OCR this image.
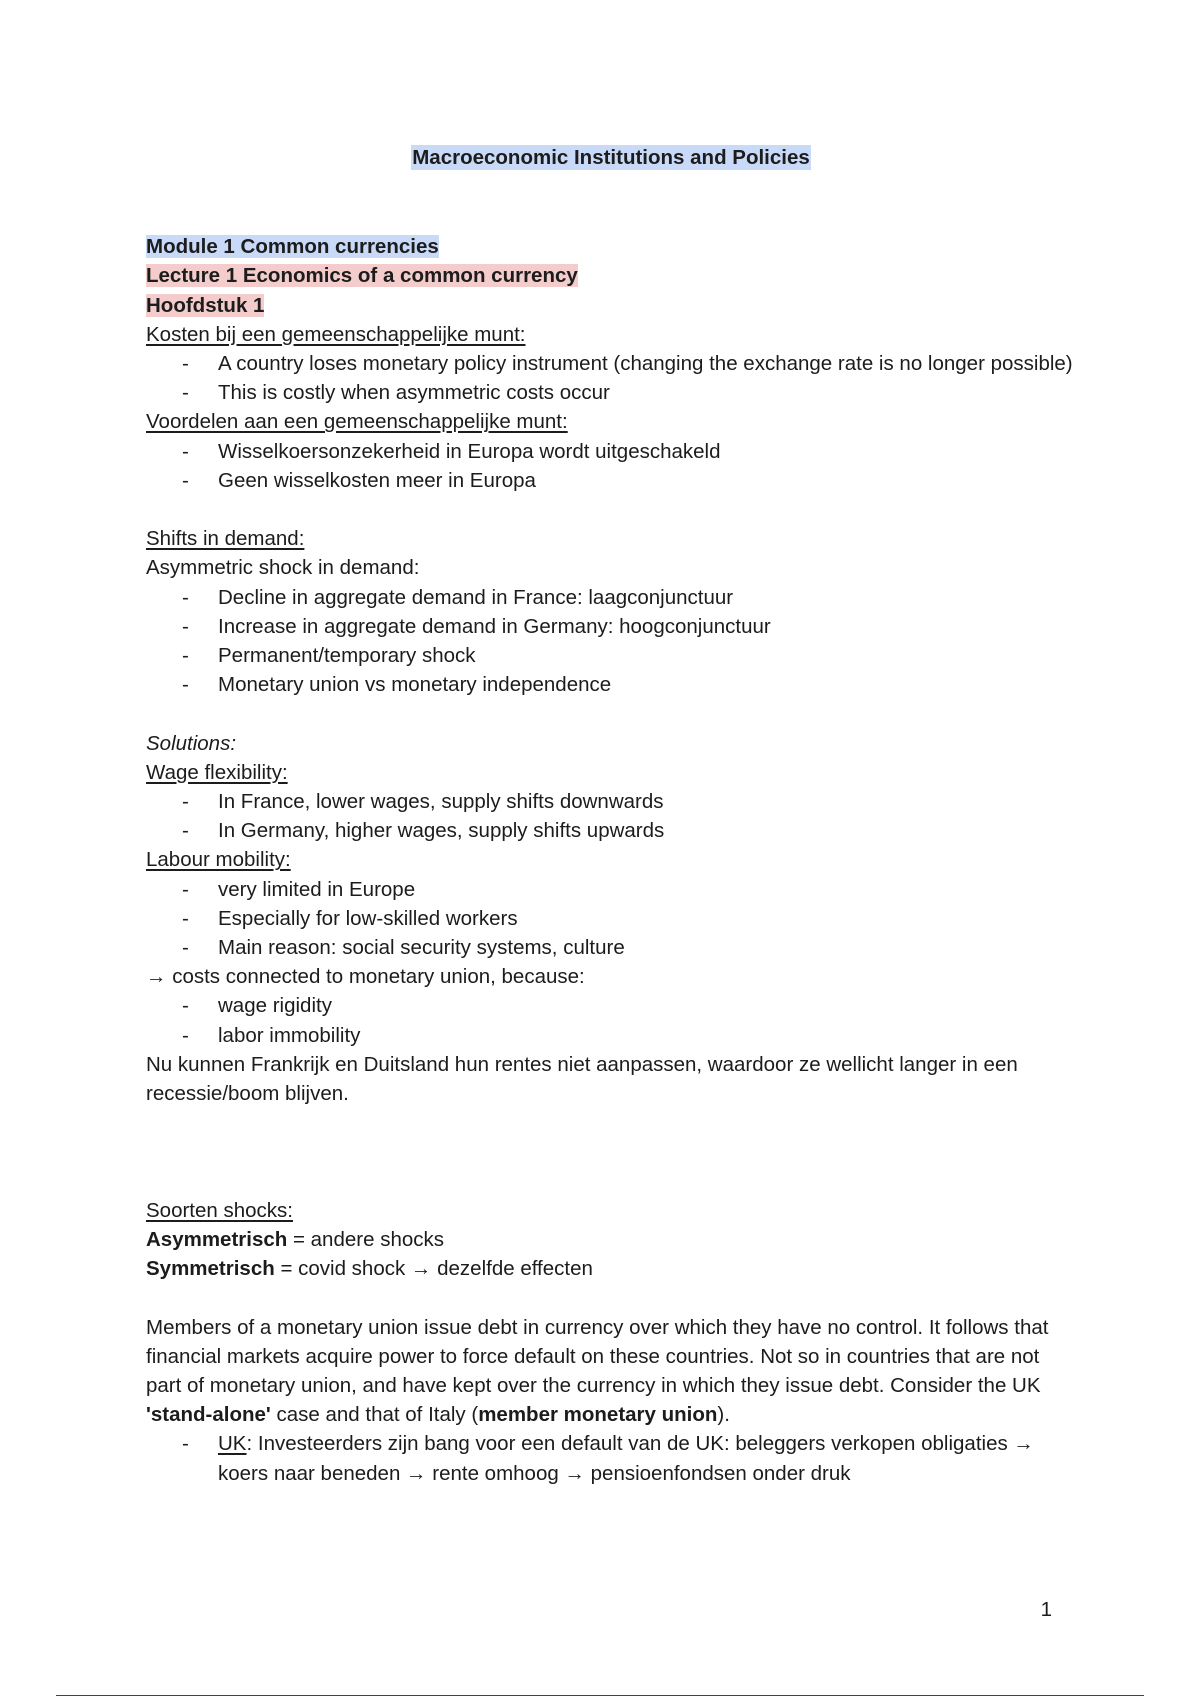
Macroeconomic Institutions and Policies

Module 1 Common currencies

Lecture 1 Economics of a common currency

Hoofdstuk 1

Kosten bij een gemeenschappelijke munt:

- A country loses monetary policy instrument (changing the exchange rate is no longer possible)
- This is costly when asymmetric costs occur

Voordelen aan een gemeenschappelijke munt:

- Wisselkoersonzekerheid in Europa wordt uitgeschakeld
- Geen wisselkosten meer in Europa

Shifts in demand:

Asymmetric shock in demand:

- Decline in aggregate demand in France: laagconjunctuur
- Increase in aggregate demand in Germany: hoogconjunctuur
- Permanent/temporary shock
- Monetary union vs monetary independence

Solutions:

Wage flexibility:

- In France, lower wages, supply shifts downwards
- In Germany, higher wages, supply shifts upwards

Labour mobility:

- very limited in Europe
- Especially for low-skilled workers
- Main reason: social security systems, culture

→ costs connected to monetary union, because:

- wage rigidity
- labor immobility

Nu kunnen Frankrijk en Duitsland hun rentes niet aanpassen, waardoor ze wellicht langer in een recessie/boom blijven.

Soorten shocks:

Asymmetrisch = andere shocks

Symmetrisch = covid shock → dezelfde effecten

Members of a monetary union issue debt in currency over which they have no control. It follows that financial markets acquire power to force default on these countries. Not so in countries that are not part of monetary union, and have kept over the currency in which they issue debt. Consider the UK 'stand-alone' case and that of Italy (member monetary union).

- UK: Investeerders zijn bang voor een default van de UK: beleggers verkopen obligaties → koers naar beneden → rente omhoog → pensioenfondsen onder druk
1
